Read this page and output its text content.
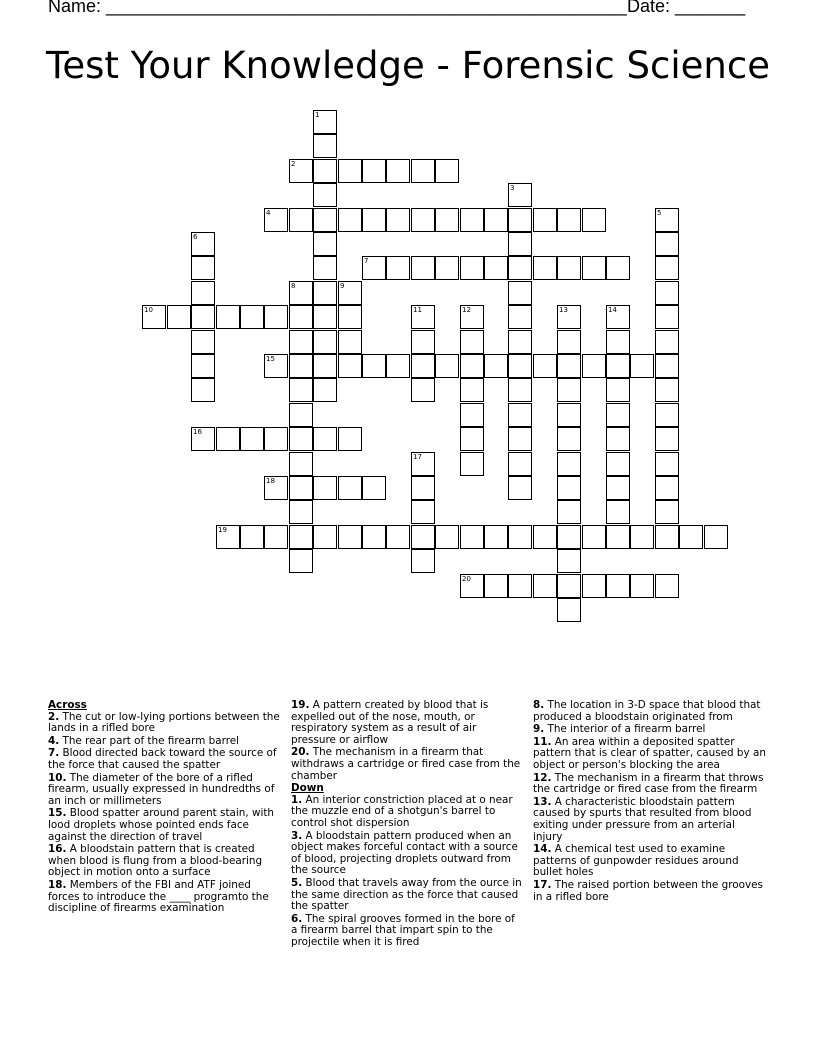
Name: ____________________________________________________ Date: _______
Test Your Knowledge - Forensic Science
1
2
3
4	5
6
7
8	9
10	11	12	13	14
15
16
17
18
19
20
Across
2. The cut or low-lying portions between the lands in a rifled bore
4. The rear part of the firearm barrel
7. Blood directed back toward the source of the force that caused the spatter
10. The diameter of the bore of a rifled firearm, usually expressed in hundredths of an inch or millimeters
15. Blood spatter around parent stain, with lood droplets whose pointed ends face against the direction of travel
16. A bloodstain pattern that is created when blood is flung from a blood-bearing object in motion onto a surface
18. Members of the FBI and ATF joined forces to introduce the ____ programto the discipline of firearms examination
19. A pattern created by blood that is expelled out of the nose, mouth, or respiratory system as a result of air pressure or airflow
20. The mechanism in a firearm that withdraws a cartridge or fired case from the chamber
Down
1. An interior constriction placed at o near the muzzle end of a shotgun's barrel to control shot dispersion
3. A bloodstain pattern produced when an object makes forceful contact with a source of blood, projecting droplets outward from the source
5. Blood that travels away from the ource in the same direction as the force that caused the spatter
6. The spiral grooves formed in the bore of a firearm barrel that impart spin to the projectile when it is fired
8. The location in 3-D space that blood that produced a bloodstain originated from
9. The interior of a firearm barrel
11. An area within a deposited spatter pattern that is clear of spatter, caused by an object or person's blocking the area
12. The mechanism in a firearm that throws the cartridge or fired case from the firearm
13. A characteristic bloodstain pattern caused by spurts that resulted from blood exiting under pressure from an arterial injury
14. A chemical test used to examine patterns of gunpowder residues around bullet holes
17. The raised portion between the grooves in a rifled bore
